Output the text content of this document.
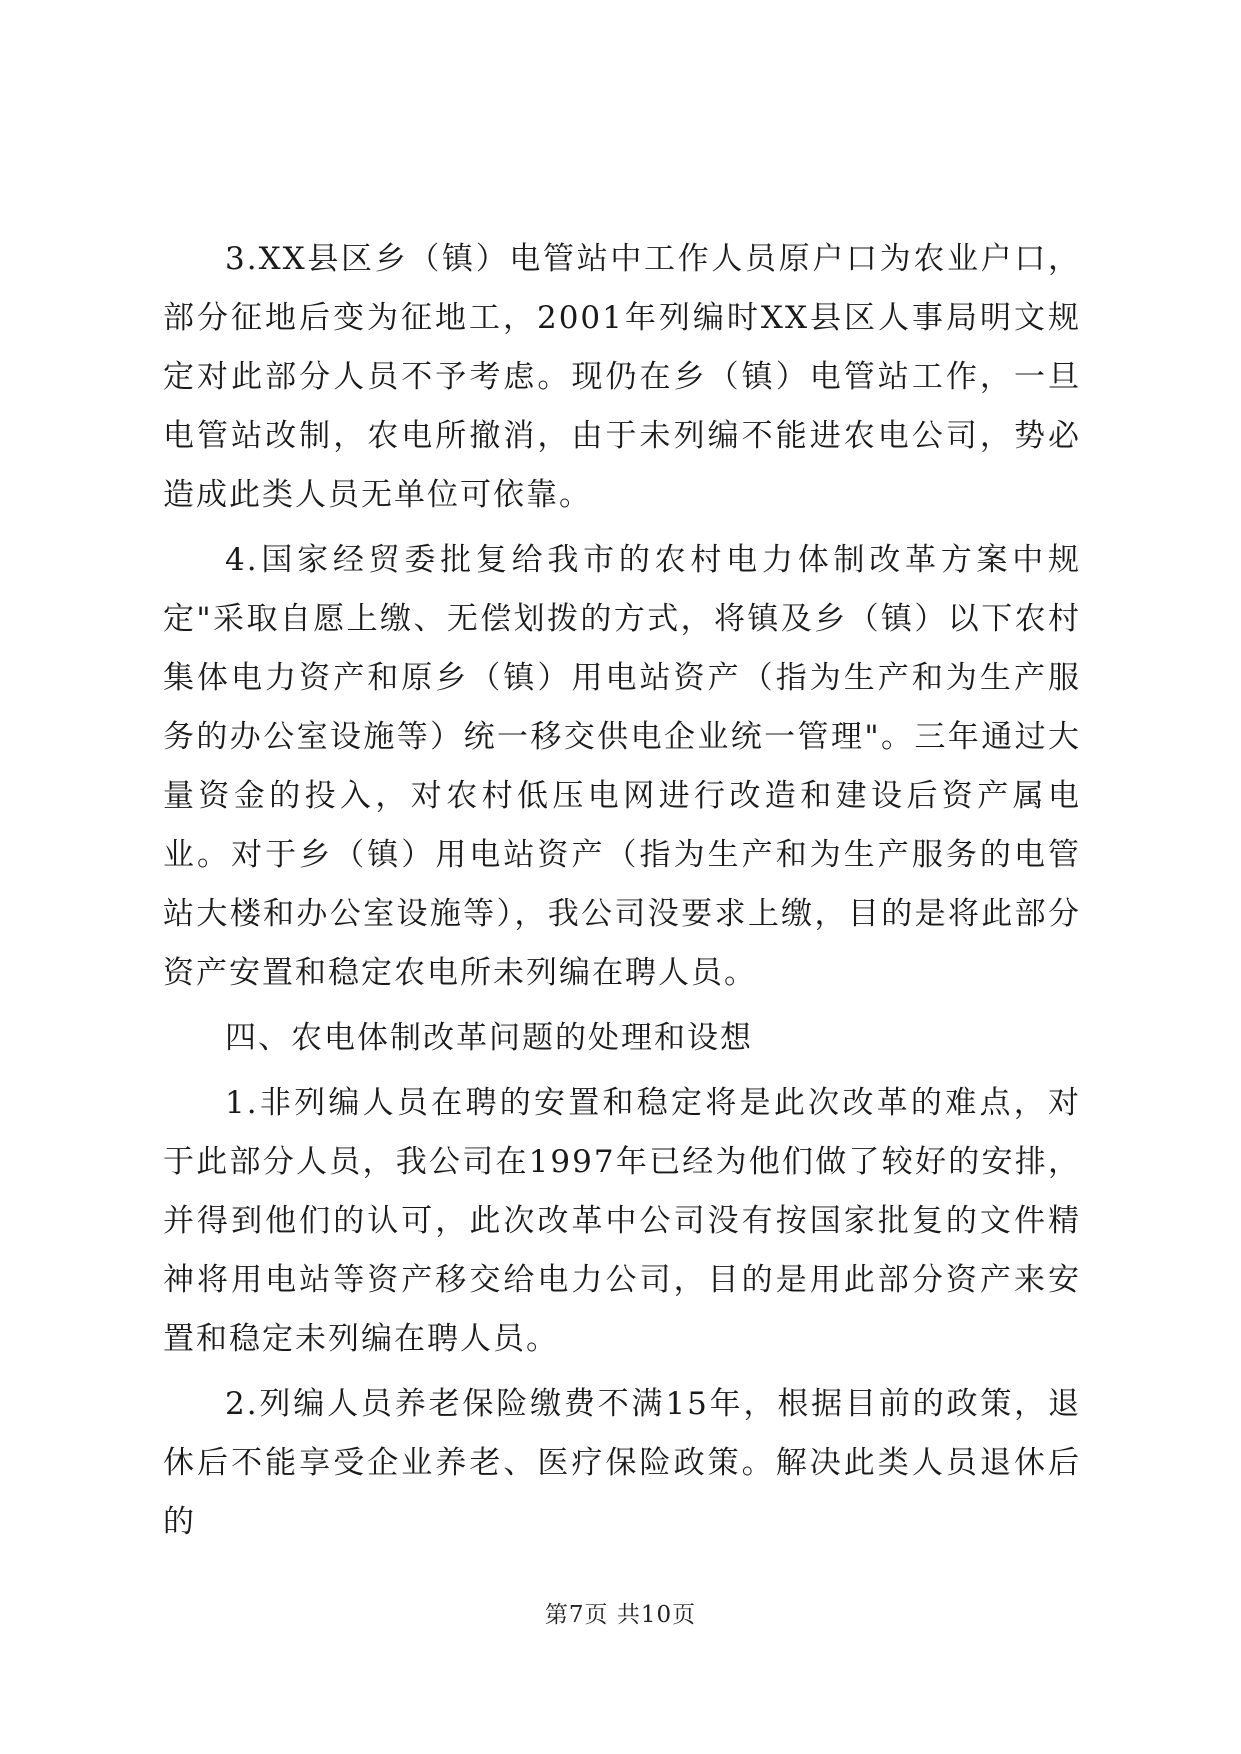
3.XX县区乡（镇）电管站中工作人员原户口为农业户口，部分征地后变为征地工，2001年列编时XX县区人事局明文规定对此部分人员不予考虑。现仍在乡（镇）电管站工作，一旦电管站改制，农电所撤消，由于未列编不能进农电公司，势必造成此类人员无单位可依靠。

4.国家经贸委批复给我市的农村电力体制改革方案中规定"采取自愿上缴、无偿划拨的方式，将镇及乡（镇）以下农村集体电力资产和原乡（镇）用电站资产（指为生产和为生产服务的办公室设施等）统一移交供电企业统一管理"。三年通过大量资金的投入，对农村低压电网进行改造和建设后资产属电业。对于乡（镇）用电站资产（指为生产和为生产服务的电管站大楼和办公室设施等），我公司没要求上缴，目的是将此部分资产安置和稳定农电所未列编在聘人员。

四、农电体制改革问题的处理和设想

1.非列编人员在聘的安置和稳定将是此次改革的难点，对于此部分人员，我公司在1997年已经为他们做了较好的安排，并得到他们的认可，此次改革中公司没有按国家批复的文件精神将用电站等资产移交给电力公司，目的是用此部分资产来安置和稳定未列编在聘人员。

2.列编人员养老保险缴费不满15年，根据目前的政策，退休后不能享受企业养老、医疗保险政策。解决此类人员退休后的

第7页 共10页
